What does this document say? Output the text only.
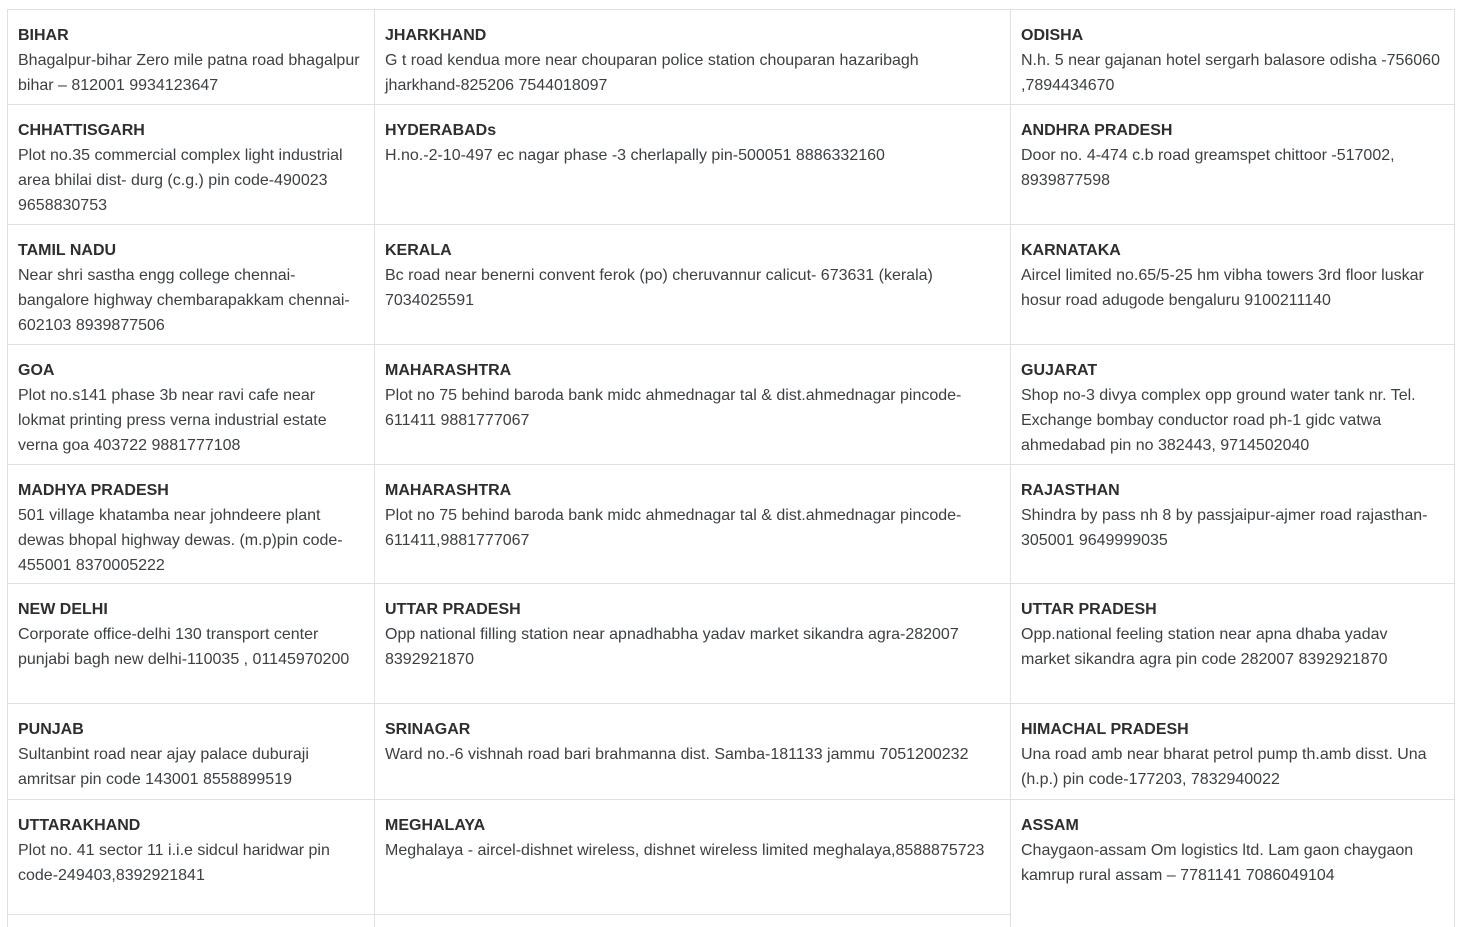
BIHAR
Bhagalpur-bihar Zero mile patna road bhagalpur bihar – 812001 9934123647
CHHATTISGARH
Plot no.35 commercial complex light industrial area bhilai dist- durg (c.g.) pin code-490023 9658830753
TAMIL NADU
Near shri sastha engg college chennai-bangalore highway chembarapakkam chennai-602103 8939877506
GOA
Plot no.s141 phase 3b near ravi cafe near lokmat printing press verna industrial estate verna goa 403722 9881777108
MADHYA PRADESH
501 village khatamba near johndeere plant dewas bhopal highway dewas. (m.p)pin code-455001 8370005222
NEW DELHI
Corporate office-delhi 130 transport center punjabi bagh new delhi-110035 , 01145970200
PUNJAB
Sultanbint road near ajay palace duburaji amritsar pin code 143001 8558899519
UTTARAKHAND
Plot no. 41 sector 11 i.i.e sidcul haridwar pin code-249403,8392921841
JHARKHAND
G t road kendua more near chouparan police station chouparan hazaribagh jharkhand-825206 7544018097
HYDERABADs
H.no.-2-10-497 ec nagar phase -3 cherlapally pin-500051 8886332160
KERALA
Bc road near benerni convent ferok (po) cheruvannur calicut- 673631 (kerala) 7034025591
MAHARASHTRA
Plot no 75 behind baroda bank midc ahmednagar tal & dist.ahmednagar pincode-611411 9881777067
MAHARASHTRA
Plot no 75 behind baroda bank midc ahmednagar tal & dist.ahmednagar pincode-611411,9881777067
UTTAR PRADESH
Opp national filling station near apnadhabha yadav market sikandra agra-282007 8392921870
SRINAGAR
Ward no.-6 vishnah road bari brahmanna dist. Samba-181133 jammu 7051200232
MEGHALAYA
Meghalaya - aircel-dishnet wireless, dishnet wireless limited meghalaya,8588875723
ODISHA
N.h. 5 near gajanan hotel sergarh balasore odisha -756060 ,7894434670
ANDHRA PRADESH
Door no. 4-474 c.b road greamspet chittoor -517002, 8939877598
KARNATAKA
Aircel limited no.65/5-25 hm vibha towers 3rd floor luskar hosur road adugode bengaluru 9100211140
GUJARAT
Shop no-3 divya complex opp ground water tank nr. Tel. Exchange bombay conductor road ph-1 gidc vatwa ahmedabad pin no 382443, 9714502040
RAJASTHAN
Shindra by pass nh 8 by passjaipur-ajmer road rajasthan-305001 9649999035
UTTAR PRADESH
Opp.national feeling station near apna dhaba yadav market sikandra agra pin code 282007 8392921870
HIMACHAL PRADESH
Una road amb near bharat petrol pump th.amb disst. Una (h.p.) pin code-177203, 7832940022
ASSAM
Chaygaon-assam Om logistics ltd. Lam gaon chaygaon kamrup rural assam – 7781141 7086049104
